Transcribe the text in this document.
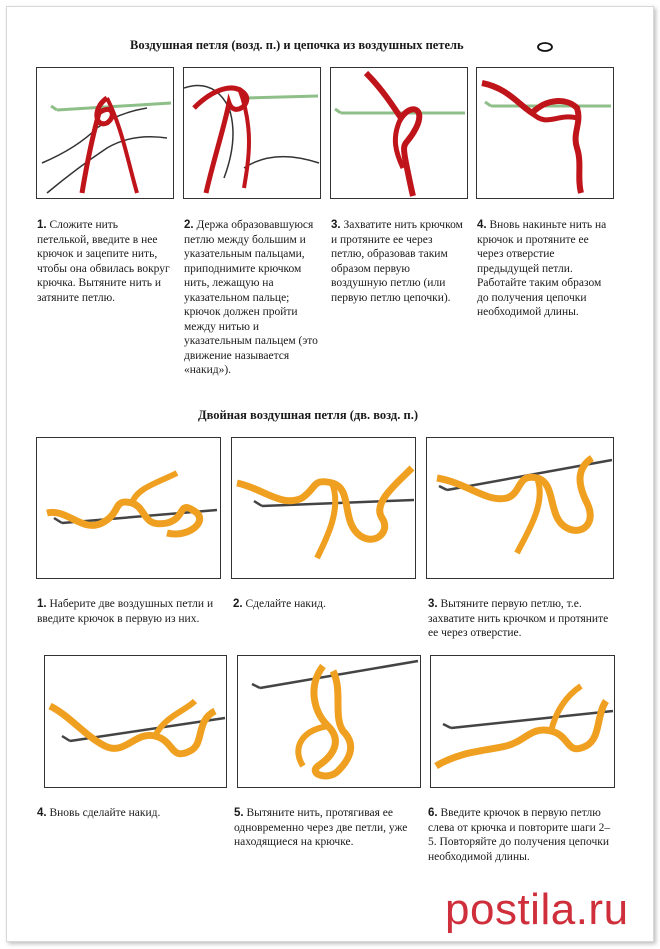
Воздушная петля (возд. п.) и цепочка из воздушных петель

1. Сложите нить петелькой, введите в нее крючок и зацепите нить, чтобы она обвилась вокруг крючка. Вытяните нить и затяните петлю.

2. Держа образовавшуюся петлю между большим и указательным пальцами, приподнимите крючком нить, лежащую на указательном пальце; крючок должен пройти между нитью и указательным пальцем (это движение называется «накид»).

3. Захватите нить крючком и протяните ее через петлю, образовав таким образом первую воздушную петлю (или первую петлю цепочки).

4. Вновь накиньте нить на крючок и протяните ее через отверстие предыдущей петли. Работайте таким образом до получения цепочки необходимой длины.

Двойная воздушная петля (дв. возд. п.)

1. Наберите две воздушных петли и введите крючок в первую из них.

2. Сделайте накид.	3. Вытяните первую петлю, т.е. захватите нить крючком и протяните ее через отверстие.

4. Вновь сделайте накид.	5. Вытяните нить, протягивая ее одновременно через две петли, уже находящиеся на крючке.

6. Введите крючок в первую петлю слева от крючка и повторите шаги 2–5. Повторяйте до получения цепочки необходимой длины.

postila.ru
